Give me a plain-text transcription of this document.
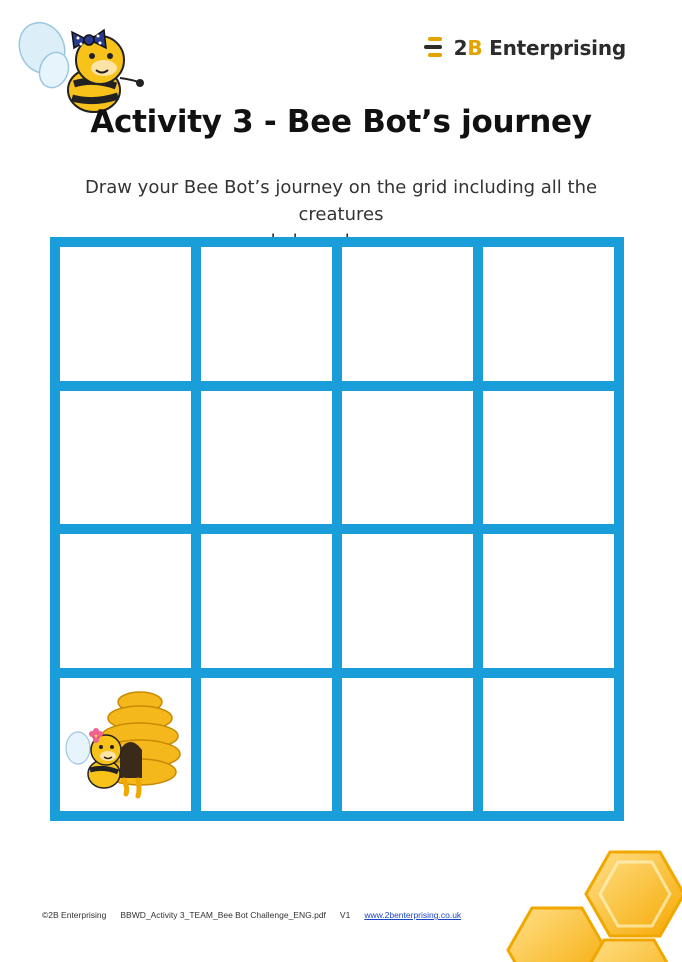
2B Enterprising
Activity 3 - Bee Bot’s journey
Draw your Bee Bot’s journey on the grid including all the creatures
©2B Enterprising BBWD_Activity 3_TEAM_Bee Bot Challenge_ENG.pdf V1 www.2benterprising.co.uk
